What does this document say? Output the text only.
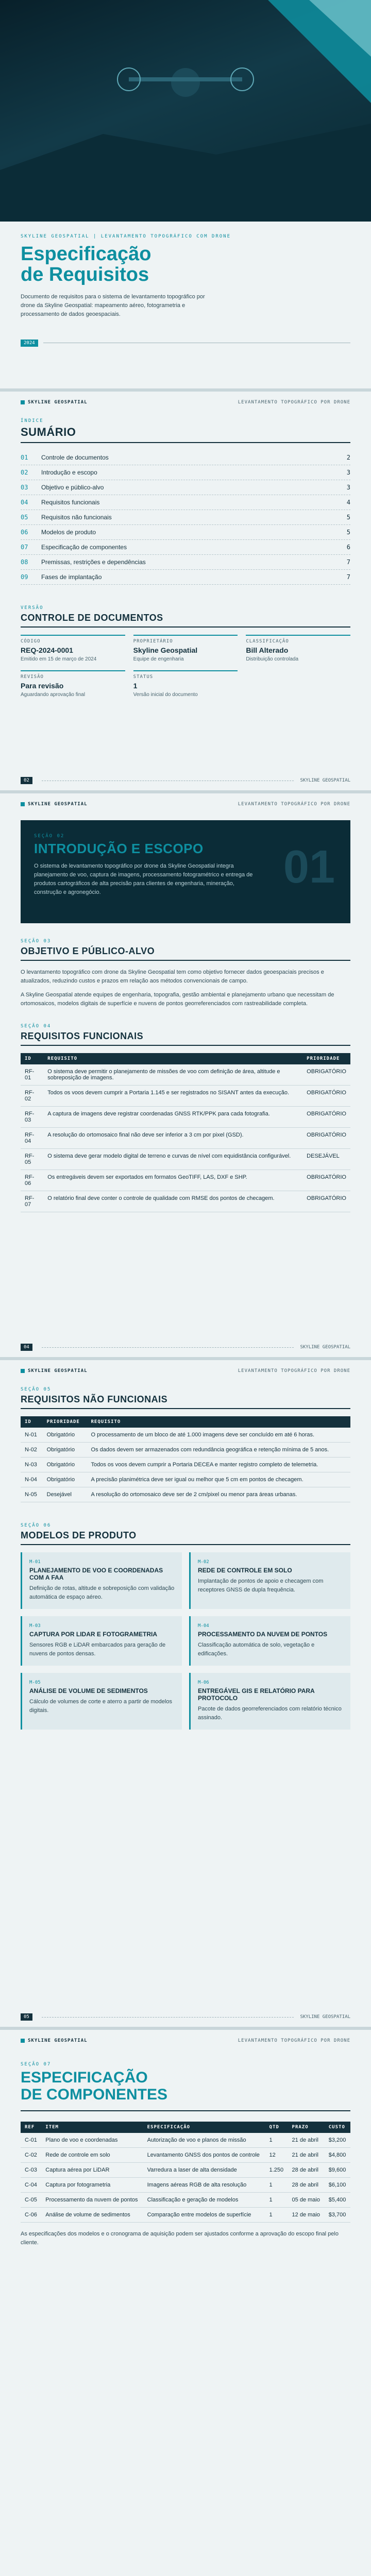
SKYLINE GEOSPATIAL | LEVANTAMENTO TOPOGRÁFICO COM DRONE
Especificação
de Requisitos

Documento de requisitos para o sistema de levantamento topográfico por drone da Skyline Geospatial: mapeamento aéreo, fotogrametria e processamento de dados geoespaciais.

2024
SKYLINE GEOSPATIAL	LEVANTAMENTO TOPOGRÁFICO POR DRONE
ÍNDICE
SUMÁRIO
01	Controle de documentos	2
02	Introdução e escopo	3
03	Objetivo e público-alvo	3
04	Requisitos funcionais	4
05	Requisitos não funcionais	5
06	Modelos de produto	5
07	Especificação de componentes	6
08	Premissas, restrições e dependências	7
09	Fases de implantação	7
VERSÃO
CONTROLE DE DOCUMENTOS
CÓDIGO
REQ-2024-0001
Emitido em 15 de março de 2024
PROPRIETÁRIO
Skyline Geospatial
Equipe de engenharia
CLASSIFICAÇÃO
Bill Alterado
Distribuição controlada
REVISÃO
Para revisão
Aguardando aprovação final
STATUS
1
Versão inicial do documento
02	SKYLINE GEOSPATIAL
SKYLINE GEOSPATIAL	LEVANTAMENTO TOPOGRÁFICO POR DRONE
SEÇÃO 02
INTRODUÇÃO E ESCOPO

O sistema de levantamento topográfico por drone da Skyline Geospatial integra planejamento de voo, captura de imagens, processamento fotogramétrico e entrega de produtos cartográficos de alta precisão para clientes de engenharia, mineração, construção e agronegócio.	01
SEÇÃO 03
OBJETIVO E PÚBLICO-ALVO

O levantamento topográfico com drone da Skyline Geospatial tem como objetivo fornecer dados geoespaciais precisos e atualizados, reduzindo custos e prazos em relação aos métodos convencionais de campo.

A Skyline Geospatial atende equipes de engenharia, topografia, gestão ambiental e planejamento urbano que necessitam de ortomosaicos, modelos digitais de superfície e nuvens de pontos georreferenciados com rastreabilidade completa.

SEÇÃO 04
REQUISITOS FUNCIONAIS
ID	REQUISITO	PRIORIDADE
RF-01	O sistema deve permitir o planejamento de missões de voo com definição de área, altitude e sobreposição de imagens.	OBRIGATÓRIO
RF-02	Todos os voos devem cumprir a Portaria 1.145 e ser registrados no SISANT antes da execução.	OBRIGATÓRIO
RF-03	A captura de imagens deve registrar coordenadas GNSS RTK/PPK para cada fotografia.	OBRIGATÓRIO
RF-04	A resolução do ortomosaico final não deve ser inferior a 3 cm por pixel (GSD).	OBRIGATÓRIO
RF-05	O sistema deve gerar modelo digital de terreno e curvas de nível com equidistância configurável.	DESEJÁVEL
RF-06	Os entregáveis devem ser exportados em formatos GeoTIFF, LAS, DXF e SHP.	OBRIGATÓRIO
RF-07	O relatório final deve conter o controle de qualidade com RMSE dos pontos de checagem.	OBRIGATÓRIO
04	SKYLINE GEOSPATIAL
SKYLINE GEOSPATIAL	LEVANTAMENTO TOPOGRÁFICO POR DRONE
SEÇÃO 05
REQUISITOS NÃO FUNCIONAIS
ID	PRIORIDADE	REQUISITO
N-01	Obrigatório	O processamento de um bloco de até 1.000 imagens deve ser concluído em até 6 horas.
N-02	Obrigatório	Os dados devem ser armazenados com redundância geográfica e retenção mínima de 5 anos.
N-03	Obrigatório	Todos os voos devem cumprir a Portaria DECEA e manter registro completo de telemetria.
N-04	Obrigatório	A precisão planimétrica deve ser igual ou melhor que 5 cm em pontos de checagem.
N-05	Desejável	A resolução do ortomosaico deve ser de 2 cm/pixel ou menor para áreas urbanas.
SEÇÃO 06
MODELOS DE PRODUTO
M-01
PLANEJAMENTO DE VOO E COORDENADAS COM A FAA

Definição de rotas, altitude e sobreposição com validação automática de espaço aéreo.

M-02
REDE DE CONTROLE EM SOLO

Implantação de pontos de apoio e checagem com receptores GNSS de dupla frequência.

M-03
CAPTURA POR LIDAR E FOTOGRAMETRIA

Sensores RGB e LiDAR embarcados para geração de nuvens de pontos densas.

M-04
PROCESSAMENTO DA NUVEM DE PONTOS

Classificação automática de solo, vegetação e edificações.

M-05
ANÁLISE DE VOLUME DE SEDIMENTOS

Cálculo de volumes de corte e aterro a partir de modelos digitais.

M-06
ENTREGÁVEL GIS E RELATÓRIO PARA PROTOCOLO

Pacote de dados georreferenciados com relatório técnico assinado.

05	SKYLINE GEOSPATIAL
SKYLINE GEOSPATIAL	LEVANTAMENTO TOPOGRÁFICO POR DRONE
SEÇÃO 07
ESPECIFICAÇÃO
DE COMPONENTES
REF	ITEM	ESPECIFICAÇÃO	QTD	PRAZO	CUSTO
C-01	Plano de voo e coordenadas	Autorização de voo e planos de missão	1	21 de abril	$3,200
C-02	Rede de controle em solo	Levantamento GNSS dos pontos de controle	12	21 de abril	$4,800
C-03	Captura aérea por LiDAR	Varredura a laser de alta densidade	1.250	28 de abril	$9,600
C-04	Captura por fotogrametria	Imagens aéreas RGB de alta resolução	1	28 de abril	$6,100
C-05	Processamento da nuvem de pontos	Classificação e geração de modelos	1	05 de maio	$5,400
C-06	Análise de volume de sedimentos	Comparação entre modelos de superfície	1	12 de maio	$3,700

As especificações dos modelos e o cronograma de aquisição podem ser ajustados conforme a aprovação do escopo final pelo cliente.
